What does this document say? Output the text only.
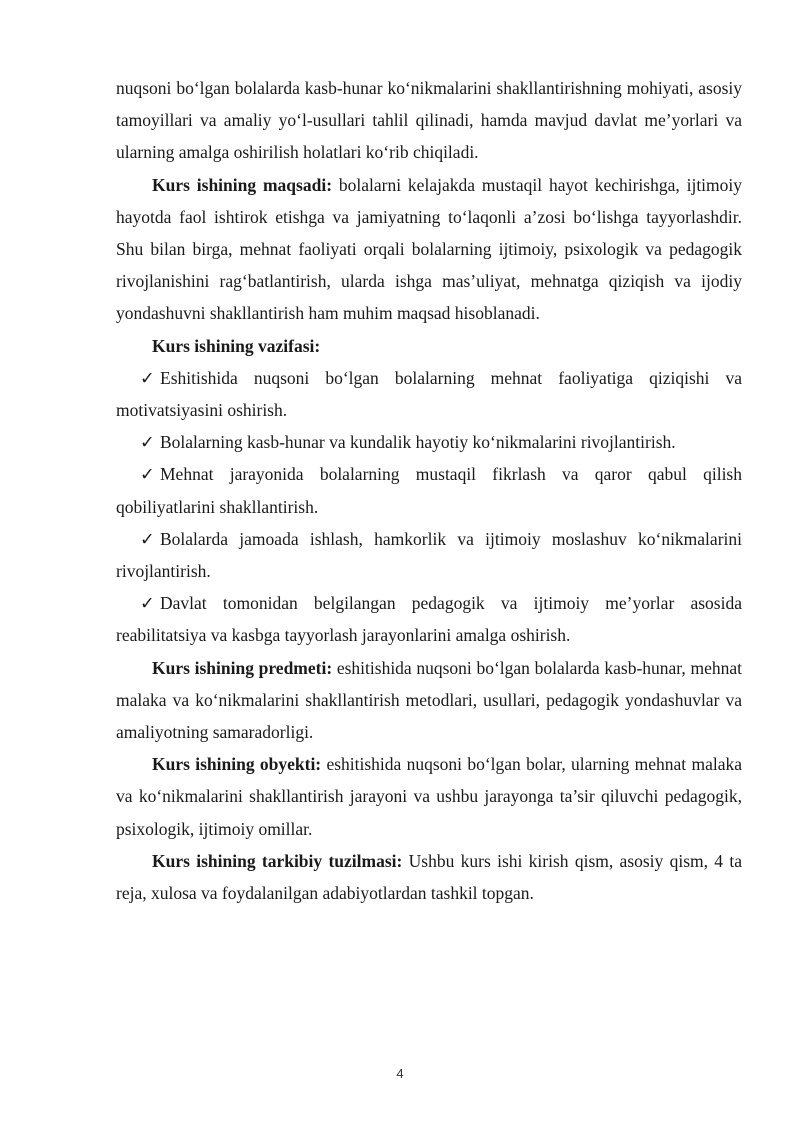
nuqsoni bo‘lgan bolalarda kasb-hunar ko‘nikmalarini shakllantirishning mohiyati, asosiy tamoyillari va amaliy yo‘l-usullari tahlil qilinadi, hamda mavjud davlat me’yorlari va ularning amalga oshirilish holatlari ko‘rib chiqiladi.

Kurs ishining maqsadi: bolalarni kelajakda mustaqil hayot kechirishga, ijtimoiy hayotda faol ishtirok etishga va jamiyatning to‘laqonli a’zosi bo‘lishga tayyorlashdir. Shu bilan birga, mehnat faoliyati orqali bolalarning ijtimoiy, psixologik va pedagogik rivojlanishini rag‘batlantirish, ularda ishga mas’uliyat, mehnatga qiziqish va ijodiy yondashuvni shakllantirish ham muhim maqsad hisoblanadi.

Kurs ishining vazifasi:

✓ Eshitishida nuqsoni bo‘lgan bolalarning mehnat faoliyatiga qiziqishi va motivatsiyasini oshirish.

✓ Bolalarning kasb-hunar va kundalik hayotiy ko‘nikmalarini rivojlantirish.

✓ Mehnat jarayonida bolalarning mustaqil fikrlash va qaror qabul qilish qobiliyatlarini shakllantirish.

✓ Bolalarda jamoada ishlash, hamkorlik va ijtimoiy moslashuv ko‘nikmalarini rivojlantirish.

✓ Davlat tomonidan belgilangan pedagogik va ijtimoiy me’yorlar asosida reabilitatsiya va kasbga tayyorlash jarayonlarini amalga oshirish.

Kurs ishining predmeti: eshitishida nuqsoni bo‘lgan bolalarda kasb-hunar, mehnat malaka va ko‘nikmalarini shakllantirish metodlari, usullari, pedagogik yondashuvlar va amaliyotning samaradorligi.

Kurs ishining obyekti: eshitishida nuqsoni bo‘lgan bolar, ularning mehnat malaka va ko‘nikmalarini shakllantirish jarayoni va ushbu jarayonga ta’sir qiluvchi pedagogik, psixologik, ijtimoiy omillar.

Kurs ishining tarkibiy tuzilmasi: Ushbu kurs ishi kirish qism, asosiy qism, 4 ta reja, xulosa va foydalanilgan adabiyotlardan tashkil topgan.

4
